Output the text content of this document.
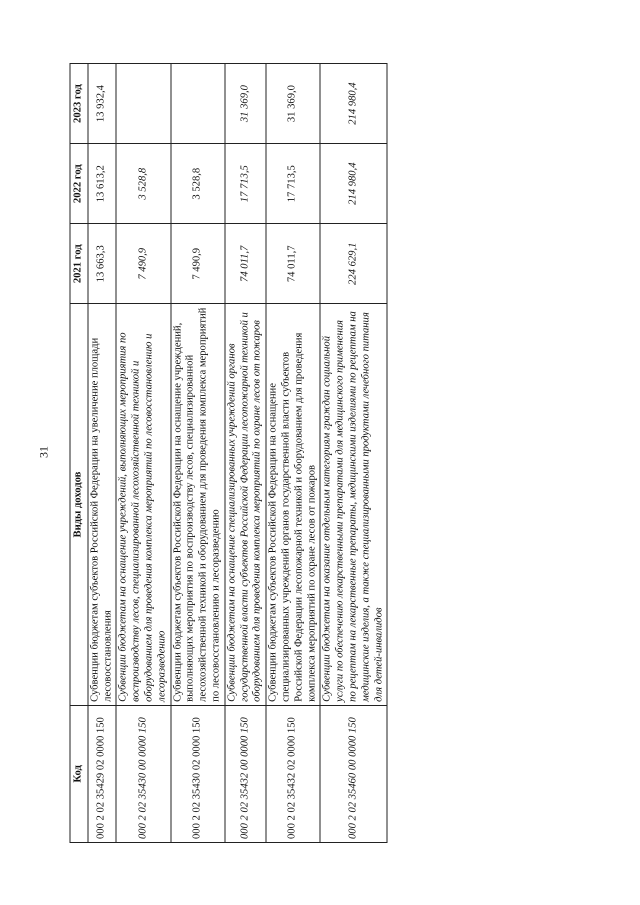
31
Код	Виды доходов	2021 год	2022 год	2023 год
000 2 02 35429 02 0000 150	Субвенции бюджетам субъектов Российской Федерации на увеличение площади лесовосстановления	13 663,3	13 613,2	13 932,4
000 2 02 35430 00 0000 150	Субвенции бюджетам на оснащение учреждений, выполняющих мероприятия по воспроизводству лесов, специализированной лесохозяйственной техникой и оборудованием для проведения комплекса мероприятий по лесовосстановлению и лесоразведению	7 490,9	3 528,8	
000 2 02 35430 02 0000 150	Субвенции бюджетам субъектов Российской Федерации на оснащение учреждений, выполняющих мероприятия по воспроизводству лесов, специализированной лесохозяйственной техникой и оборудованием для проведения комплекса мероприятий по лесовосстановлению и лесоразведению	7 490,9	3 528,8	
000 2 02 35432 00 0000 150	Субвенции бюджетам на оснащение специализированных учреждений органов государственной власти субъектов Российской Федерации лесопожарной техникой и оборудованием для проведения комплекса мероприятий по охране лесов от пожаров	74 011,7	17 713,5	31 369,0
000 2 02 35432 02 0000 150	Субвенции бюджетам субъектов Российской Федерации на оснащение специализированных учреждений органов государственной власти субъектов Российской Федерации лесопожарной техникой и оборудованием для проведения комплекса мероприятий по охране лесов от пожаров	74 011,7	17 713,5	31 369,0
000 2 02 35460 00 0000 150	Субвенции бюджетам на оказание отдельным категориям граждан социальной услуги по обеспечению лекарственными препаратами для медицинского применения по рецептам на лекарственные препараты, медицинскими изделиями по рецептам на медицинские изделия, а также специализированными продуктами лечебного питания для детей-инвалидов	224 629,1	214 980,4	214 980,4
